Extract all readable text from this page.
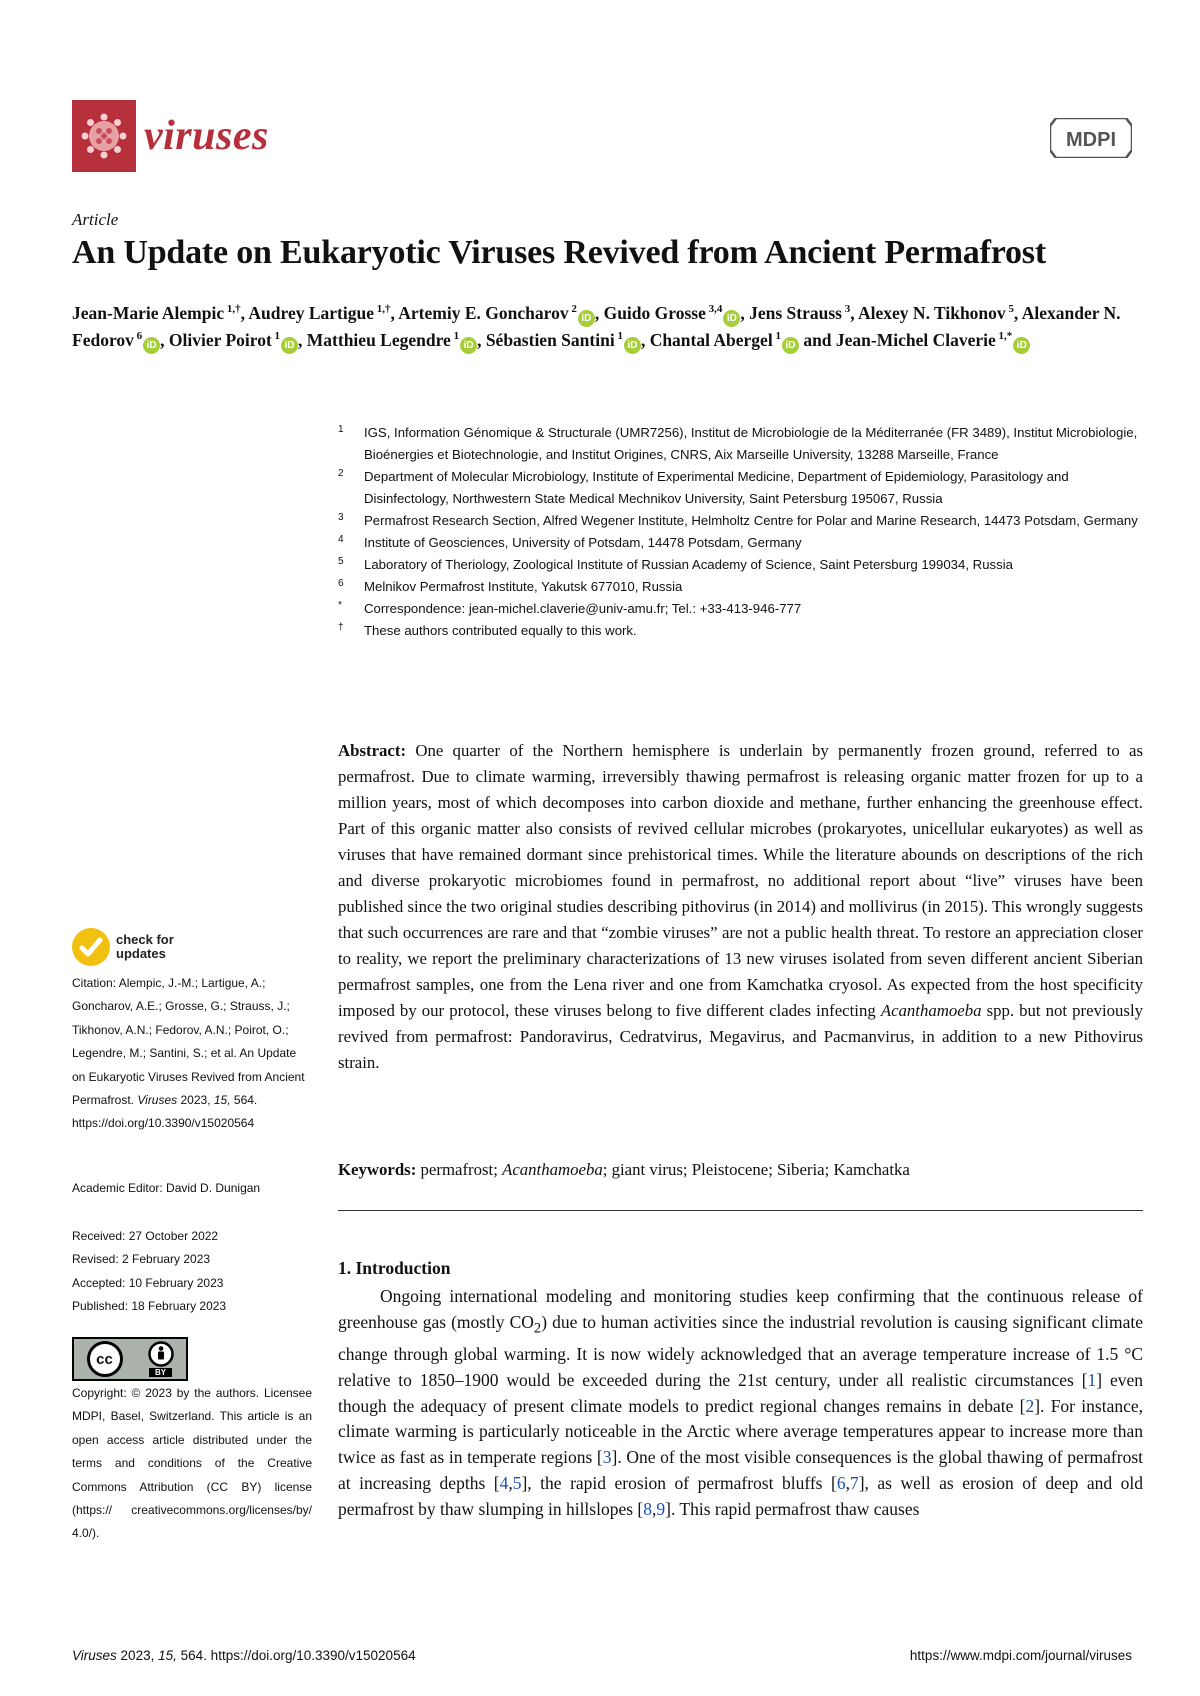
viruses	MDPI
Article
An Update on Eukaryotic Viruses Revived from Ancient Permafrost
Jean-Marie Alempic $^{1,\dagger}$, Audrey Lartigue $^{1,\dagger}$, Artemiy E. Goncharov $^2$iD , Guido Grosse $^{3,4}$iD , Jens Strauss $^3$, Alexey N. Tikhonov $^5$, Alexander N. Fedorov $^6$iD , Olivier Poirot $^1$iD , Matthieu Legendre $^1$iD , Sébastien Santini $^1$iD , Chantal Abergel $^1$iD and Jean-Michel Claverie $^{1,*}$iD
1	IGS, Information Génomique & Structurale (UMR7256), Institut de Microbiologie de la Méditerranée (FR 3489), Institut Microbiologie, Bioénergies et Biotechnologie, and Institut Origines, CNRS, Aix Marseille University, 13288 Marseille, France
2	Department of Molecular Microbiology, Institute of Experimental Medicine, Department of Epidemiology, Parasitology and Disinfectology, Northwestern State Medical Mechnikov University, Saint Petersburg 195067, Russia
3	Permafrost Research Section, Alfred Wegener Institute, Helmholtz Centre for Polar and Marine Research, 14473 Potsdam, Germany
4	Institute of Geosciences, University of Potsdam, 14478 Potsdam, Germany
5	Laboratory of Theriology, Zoological Institute of Russian Academy of Science, Saint Petersburg 199034, Russia
6	Melnikov Permafrost Institute, Yakutsk 677010, Russia
*	Correspondence: jean-michel.claverie@univ-amu.fr; Tel.: +33-413-946-777
†	These authors contributed equally to this work.
Abstract: One quarter of the Northern hemisphere is underlain by permanently frozen ground, referred to as permafrost. Due to climate warming, irreversibly thawing permafrost is releasing organic matter frozen for up to a million years, most of which decomposes into carbon dioxide and methane, further enhancing the greenhouse effect. Part of this organic matter also consists of revived cellular microbes (prokaryotes, unicellular eukaryotes) as well as viruses that have remained dormant since prehistorical times. While the literature abounds on descriptions of the rich and diverse prokaryotic microbiomes found in permafrost, no additional report about “live” viruses have been published since the two original studies describing pithovirus (in 2014) and mollivirus (in 2015). This wrongly suggests that such occurrences are rare and that “zombie viruses” are not a public health threat. To restore an appreciation closer to reality, we report the preliminary characterizations of 13 new viruses isolated from seven different ancient Siberian permafrost samples, one from the Lena river and one from Kamchatka cryosol. As expected from the host specificity imposed by our protocol, these viruses belong to five different clades infecting Acanthamoeba spp. but not previously revived from permafrost: Pandoravirus, Cedratvirus, Megavirus, and Pacmanvirus, in addition to a new Pithovirus strain.
Keywords: permafrost; Acanthamoeba; giant virus; Pleistocene; Siberia; Kamchatka
1. Introduction
Ongoing international modeling and monitoring studies keep confirming that the continuous release of greenhouse gas (mostly $CO_2$) due to human activities since the industrial revolution is causing significant climate change through global warming. It is now widely acknowledged that an average temperature increase of 1.5 °C relative to 1850–1900 would be exceeded during the 21st century, under all realistic circumstances [1] even though the adequacy of present climate models to predict regional changes remains in debate [2]. For instance, climate warming is particularly noticeable in the Arctic where average temperatures appear to increase more than twice as fast as in temperate regions [3]. One of the most visible consequences is the global thawing of permafrost at increasing depths [4,5], the rapid erosion of permafrost bluffs [6,7], as well as erosion of deep and old permafrost by thaw slumping in hillslopes [8,9]. This rapid permafrost thaw causes
check for
updates
Citation: Alempic, J.-M.; Lartigue, A.; Goncharov, A.E.; Grosse, G.; Strauss, J.; Tikhonov, A.N.; Fedorov, A.N.; Poirot, O.; Legendre, M.; Santini, S.; et al. An Update on Eukaryotic Viruses Revived from Ancient Permafrost. Viruses 2023, 15, 564. https://doi.org/10.3390/v15020564
Academic Editor: David D. Dunigan
Received: 27 October 2022
Revised: 2 February 2023
Accepted: 10 February 2023
Published: 18 February 2023
cc
BY
Copyright: © 2023 by the authors. Licensee MDPI, Basel, Switzerland. This article is an open access article distributed under the terms and conditions of the Creative Commons Attribution (CC BY) license (https:// creativecommons.org/licenses/by/ 4.0/).
Viruses 2023, 15, 564. https://doi.org/10.3390/v15020564	https://www.mdpi.com/journal/viruses
